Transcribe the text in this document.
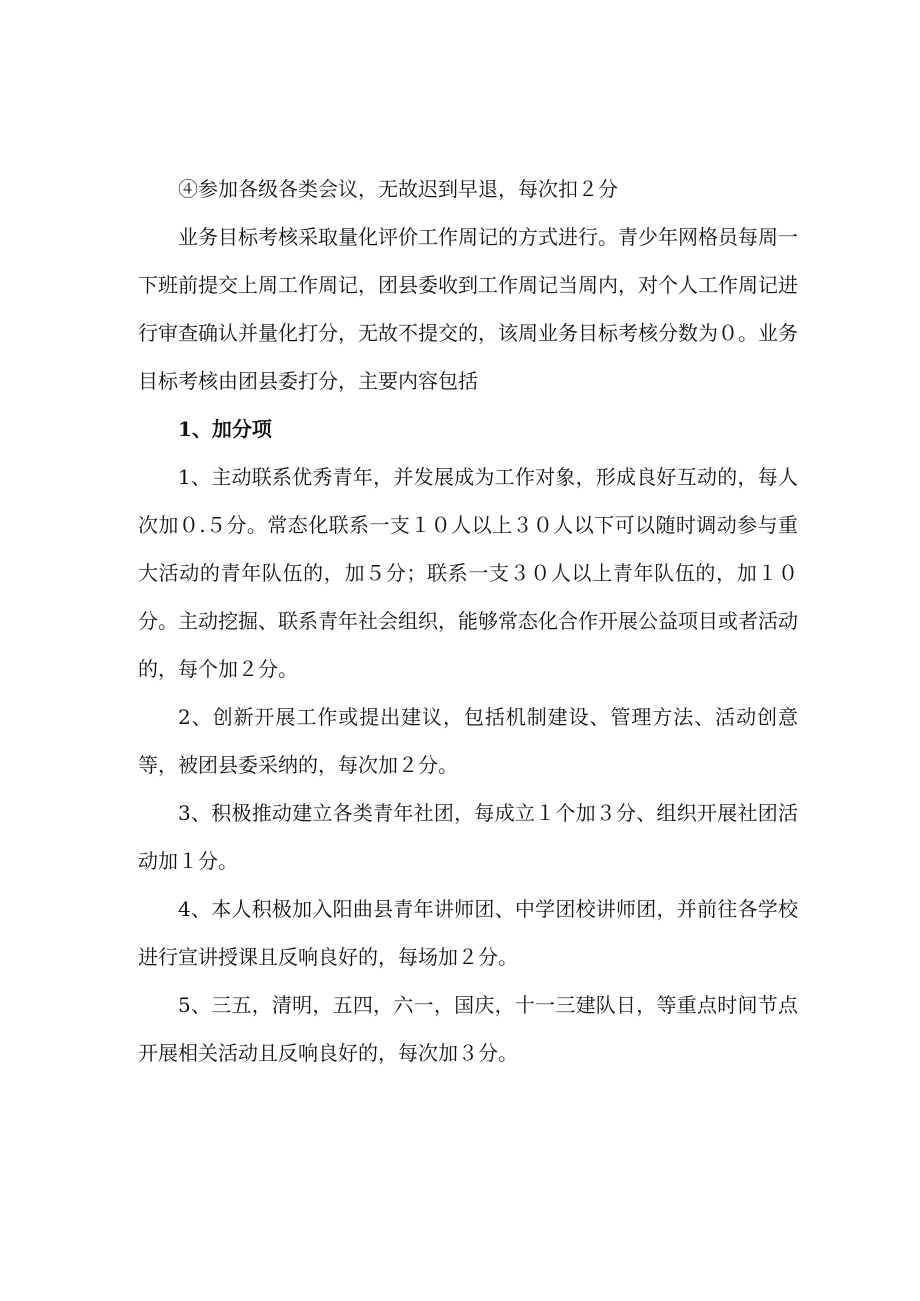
④参加各级各类会议，无故迟到早退，每次扣２分

业务目标考核采取量化评价工作周记的方式进行。青少年网格员每周一下班前提交上周工作周记，团县委收到工作周记当周内，对个人工作周记进行审查确认并量化打分，无故不提交的，该周业务目标考核分数为０。业务目标考核由团县委打分，主要内容包括

1、加分项

1、主动联系优秀青年，并发展成为工作对象，形成良好互动的，每人次加０.５分。常态化联系一支１０人以上３０人以下可以随时调动参与重大活动的青年队伍的，加５分；联系一支３０人以上青年队伍的，加１０分。主动挖掘、联系青年社会组织，能够常态化合作开展公益项目或者活动的，每个加２分。

2、创新开展工作或提出建议，包括机制建设、管理方法、活动创意等，被团县委采纳的，每次加２分。

3、积极推动建立各类青年社团，每成立１个加３分、组织开展社团活动加１分。

4、本人积极加入阳曲县青年讲师团、中学团校讲师团，并前往各学校进行宣讲授课且反响良好的，每场加２分。

5、三五，清明，五四，六一，国庆，十一三建队日，等重点时间节点开展相关活动且反响良好的，每次加３分。
